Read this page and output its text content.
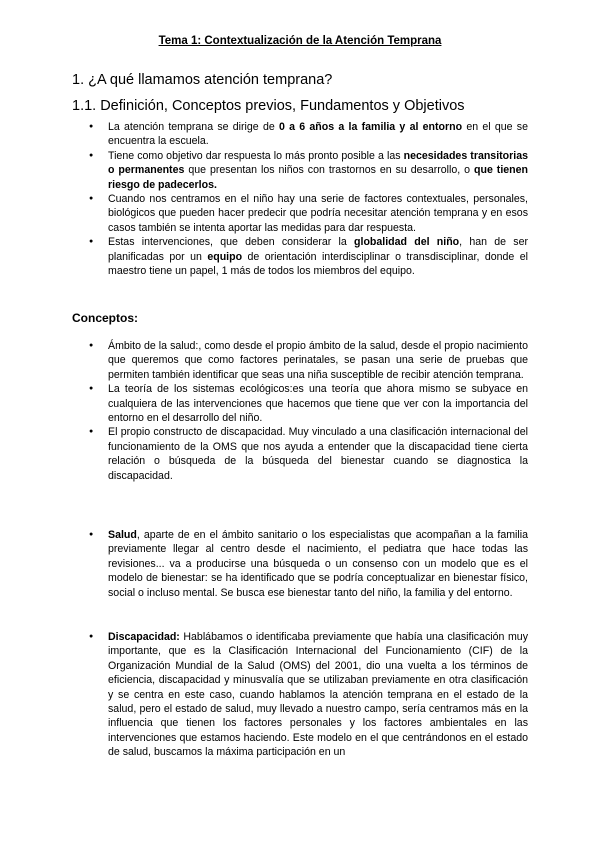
Tema 1: Contextualización de la Atención Temprana
1. ¿A qué llamamos atención temprana?
1.1. Definición, Conceptos previos, Fundamentos y Objetivos
● La atención temprana se dirige de 0 a 6 años a la familia y al entorno en el que se encuentra la escuela.
● Tiene como objetivo dar respuesta lo más pronto posible a las necesidades transitorias o permanentes que presentan los niños con trastornos en su desarrollo, o que tienen riesgo de padecerlos.
● Cuando nos centramos en el niño hay una serie de factores contextuales, personales, biológicos que pueden hacer predecir que podría necesitar atención temprana y en esos casos también se intenta aportar las medidas para dar respuesta.
● Estas intervenciones, que deben considerar la globalidad del niño, han de ser planificadas por un equipo de orientación interdisciplinar o transdisciplinar, donde el maestro tiene un papel, 1 más de todos los miembros del equipo.
Conceptos:
● Ámbito de la salud:, como desde el propio ámbito de la salud, desde el propio nacimiento que queremos que como factores perinatales, se pasan una serie de pruebas que permiten también identificar que seas una niña susceptible de recibir atención temprana.
● La teoría de los sistemas ecológicos:es una teoría que ahora mismo se subyace en cualquiera de las intervenciones que hacemos que tiene que ver con la importancia del entorno en el desarrollo del niño.
● El propio constructo de discapacidad. Muy vinculado a una clasificación internacional del funcionamiento de la OMS que nos ayuda a entender que la discapacidad tiene cierta relación o búsqueda de la búsqueda del bienestar cuando se diagnostica la discapacidad.
● Salud, aparte de en el ámbito sanitario o los especialistas que acompañan a la familia previamente llegar al centro desde el nacimiento, el pediatra que hace todas las revisiones... va a producirse una búsqueda o un consenso con un modelo que es el modelo de bienestar: se ha identificado que se podría conceptualizar en bienestar físico, social o incluso mental. Se busca ese bienestar tanto del niño, la familia y del entorno.
● Discapacidad: Hablábamos o identificaba previamente que había una clasificación muy importante, que es la Clasificación Internacional del Funcionamiento (CIF) de la Organización Mundial de la Salud (OMS) del 2001, dio una vuelta a los términos de eficiencia, discapacidad y minusvalía que se utilizaban previamente en otra clasificación y se centra en este caso, cuando hablamos la atención temprana en el estado de la salud, pero el estado de salud, muy llevado a nuestro campo, sería centramos más en la influencia que tienen los factores personales y los factores ambientales en las intervenciones que estamos haciendo. Este modelo en el que centrándonos en el estado de salud, buscamos la máxima participación en un
